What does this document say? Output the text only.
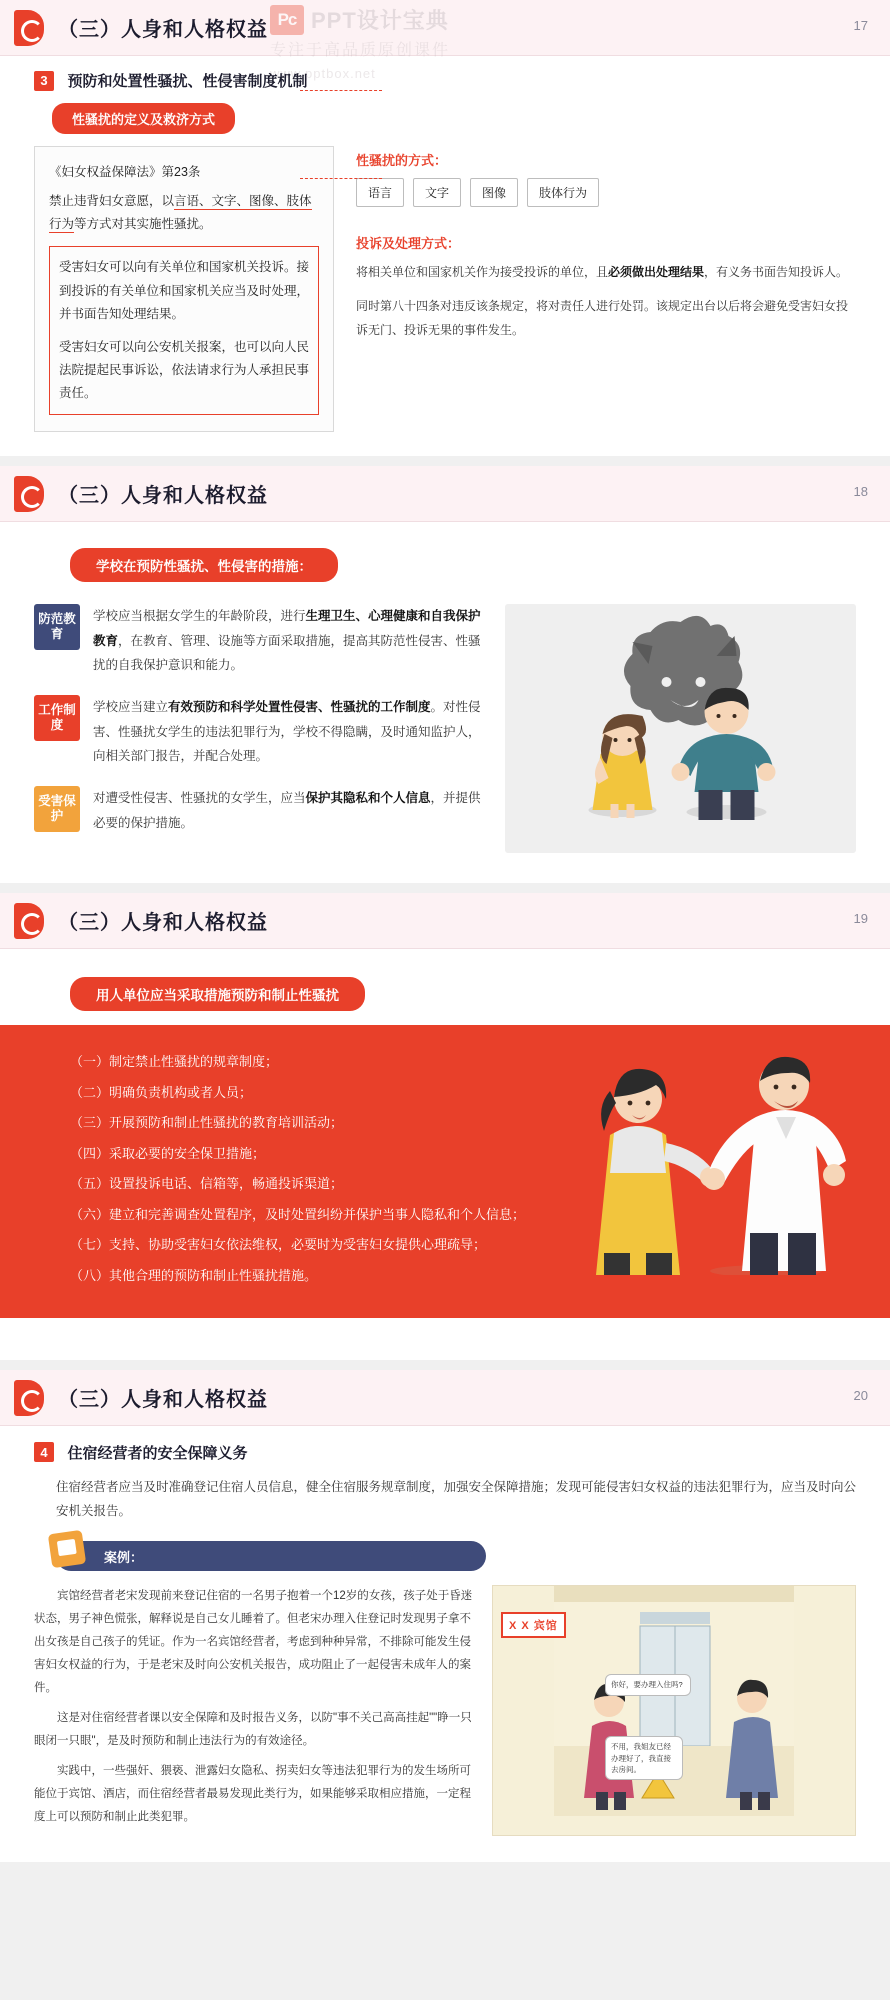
（三）人身和人格权益 Pc PPT设计宝典
专注于高品质原创课件
www.pptbox.net
17
3 预防和处置性骚扰、性侵害制度机制
性骚扰的定义及救济方式
《妇女权益保障法》第23条
禁止违背妇女意愿，以言语、文字、图像、肢体行为等方式对其实施性骚扰。

受害妇女可以向有关单位和国家机关投诉。接到投诉的有关单位和国家机关应当及时处理，并书面告知处理结果。

受害妇女可以向公安机关报案，也可以向人民法院提起民事诉讼，依法请求行为人承担民事责任。

性骚扰的方式：
语言	文字	图像	肢体行为
投诉及处理方式：

将相关单位和国家机关作为接受投诉的单位，且必须做出处理结果，有义务书面告知投诉人。

同时第八十四条对违反该条规定，将对责任人进行处罚。该规定出台以后将会避免受害妇女投诉无门、投诉无果的事件发生。

（三）人身和人格权益	18
学校在预防性骚扰、性侵害的措施：
防范教育
学校应当根据女学生的年龄阶段，进行生理卫生、心理健康和自我保护教育，在教育、管理、设施等方面采取措施，提高其防范性侵害、性骚扰的自我保护意识和能力。
工作制度
学校应当建立有效预防和科学处置性侵害、性骚扰的工作制度。对性侵害、性骚扰女学生的违法犯罪行为，学校不得隐瞒，及时通知监护人，向相关部门报告，并配合处理。
受害保护
对遭受性侵害、性骚扰的女学生，应当保护其隐私和个人信息，并提供必要的保护措施。
（三）人身和人格权益	19
用人单位应当采取措施预防和制止性骚扰
（一）制定禁止性骚扰的规章制度；
（二）明确负责机构或者人员；
（三）开展预防和制止性骚扰的教育培训活动；
（四）采取必要的安全保卫措施；
（五）设置投诉电话、信箱等，畅通投诉渠道；
（六）建立和完善调查处置程序，及时处置纠纷并保护当事人隐私和个人信息；
（七）支持、协助受害妇女依法维权，必要时为受害妇女提供心理疏导；
（八）其他合理的预防和制止性骚扰措施。
（三）人身和人格权益	20
4 住宿经营者的安全保障义务

住宿经营者应当及时准确登记住宿人员信息，健全住宿服务规章制度，加强安全保障措施；发现可能侵害妇女权益的违法犯罪行为，应当及时向公安机关报告。

案例：

宾馆经营者老宋发现前来登记住宿的一名男子抱着一个12岁的女孩，孩子处于昏迷状态，男子神色慌张，解释说是自己女儿睡着了。但老宋办理入住登记时发现男子拿不出女孩是自己孩子的凭证。作为一名宾馆经营者，考虑到种种异常，不排除可能发生侵害妇女权益的行为，于是老宋及时向公安机关报告，成功阻止了一起侵害未成年人的案件。

这是对住宿经营者课以安全保障和及时报告义务，以防"事不关己高高挂起""睁一只眼闭一只眼"，是及时预防和制止违法行为的有效途径。

实践中，一些强奸、猥亵、泄露妇女隐私、拐卖妇女等违法犯罪行为的发生场所可能位于宾馆、酒店，而住宿经营者最易发现此类行为，如果能够采取相应措施，一定程度上可以预防和制止此类犯罪。

X X 宾馆
你好，要办理入住吗?
不用，我姐友已经办理好了，我直接去房间。
